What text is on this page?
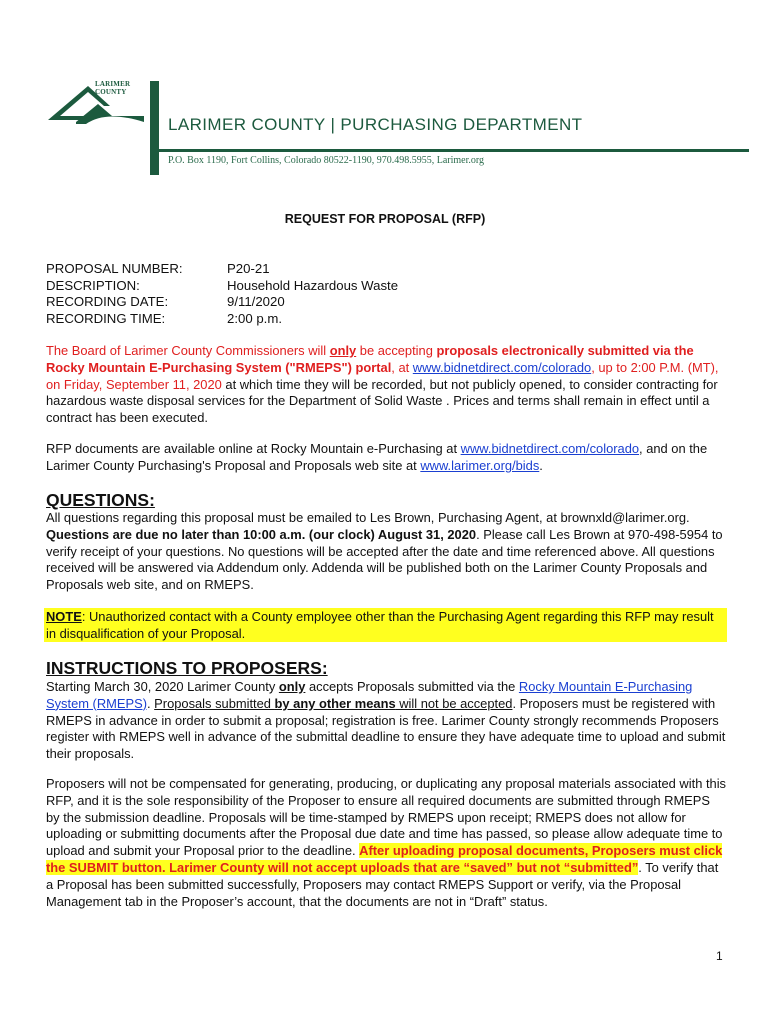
LARIMER
COUNTY
LARIMER COUNTY | PURCHASING DEPARTMENT
P.O. Box 1190, Fort Collins, Colorado 80522-1190, 970.498.5955, Larimer.org
REQUEST FOR PROPOSAL (RFP)
PROPOSAL NUMBER:	P20-21
DESCRIPTION:	Household Hazardous Waste
RECORDING DATE:	9/11/2020
RECORDING TIME:	2:00 p.m.
The Board of Larimer County Commissioners will only be accepting proposals electronically submitted via the Rocky Mountain E-Purchasing System ("RMEPS") portal, at www.bidnetdirect.com/colorado, up to 2:00 P.M. (MT), on Friday, September 11, 2020 at which time they will be recorded, but not publicly opened, to consider contracting for hazardous waste disposal services for the Department of Solid Waste . Prices and terms shall remain in effect until a contract has been executed.
RFP documents are available online at Rocky Mountain e-Purchasing at www.bidnetdirect.com/colorado, and on the Larimer County Purchasing's Proposal and Proposals web site at www.larimer.org/bids.
QUESTIONS:
All questions regarding this proposal must be emailed to Les Brown, Purchasing Agent, at brownxld@larimer.org. Questions are due no later than 10:00 a.m. (our clock) August 31, 2020. Please call Les Brown at 970-498-5954 to verify receipt of your questions. No questions will be accepted after the date and time referenced above. All questions received will be answered via Addendum only. Addenda will be published both on the Larimer County Proposals and Proposals web site, and on RMEPS.
NOTE: Unauthorized contact with a County employee other than the Purchasing Agent regarding this RFP may result in disqualification of your Proposal.
INSTRUCTIONS TO PROPOSERS:
Starting March 30, 2020 Larimer County only accepts Proposals submitted via the Rocky Mountain E-Purchasing System (RMEPS). Proposals submitted by any other means will not be accepted. Proposers must be registered with RMEPS in advance in order to submit a proposal; registration is free. Larimer County strongly recommends Proposers register with RMEPS well in advance of the submittal deadline to ensure they have adequate time to upload and submit their proposals.
Proposers will not be compensated for generating, producing, or duplicating any proposal materials associated with this RFP, and it is the sole responsibility of the Proposer to ensure all required documents are submitted through RMEPS by the submission deadline. Proposals will be time-stamped by RMEPS upon receipt; RMEPS does not allow for uploading or submitting documents after the Proposal due date and time has passed, so please allow adequate time to upload and submit your Proposal prior to the deadline. After uploading proposal documents, Proposers must click the SUBMIT button. Larimer County will not accept uploads that are “saved” but not “submitted”. To verify that a Proposal has been submitted successfully, Proposers may contact RMEPS Support or verify, via the Proposal Management tab in the Proposer’s account, that the documents are not in “Draft” status.
1
